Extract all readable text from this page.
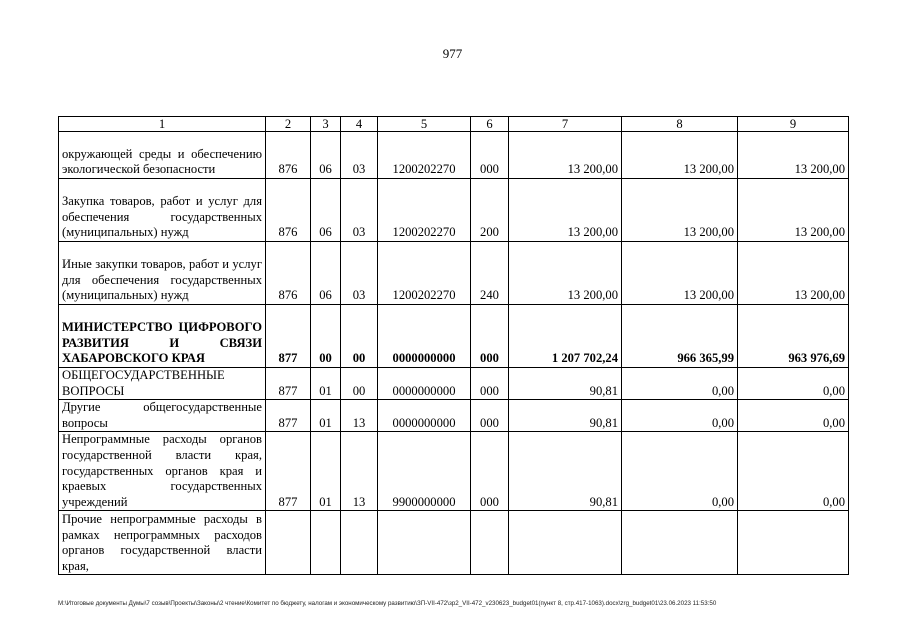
977
1	2	3	4	5	6	7	8	9
окружающей среды и обеспечению экологической безопасности	876	06	03	1200202270	000	13 200,00	13 200,00	13 200,00
Закупка товаров, работ и услуг для обеспечения государственных (муниципальных) нужд	876	06	03	1200202270	200	13 200,00	13 200,00	13 200,00
Иные закупки товаров, работ и услуг для обеспечения государственных (муниципальных) нужд	876	06	03	1200202270	240	13 200,00	13 200,00	13 200,00
МИНИСТЕРСТВО ЦИФРОВОГО РАЗВИТИЯ И СВЯЗИ ХАБАРОВСКОГО КРАЯ	877	00	00	0000000000	000	1 207 702,24	966 365,99	963 976,69
ОБЩЕГОСУДАРСТВЕННЫЕ ВОПРОСЫ	877	01	00	0000000000	000	90,81	0,00	0,00
Другие общегосударственные вопросы	877	01	13	0000000000	000	90,81	0,00	0,00
Непрограммные расходы органов государственной власти края, государственных органов края и краевых государственных учреждений	877	01	13	9900000000	000	90,81	0,00	0,00
Прочие непрограммные расходы в рамках непрограммных расходов органов государственной власти края,								
M:\Итоговые документы Думы\7 созыв\Проекты\Законы\2 чтение\Комитет по бюджету, налогам и экономическому развитию\ЗП-VII-472\зр2_VII-472_v230623_budget01(пункт 8, стр.417-1063).docx\zrg_budget01\23.06.2023 11:53:50
